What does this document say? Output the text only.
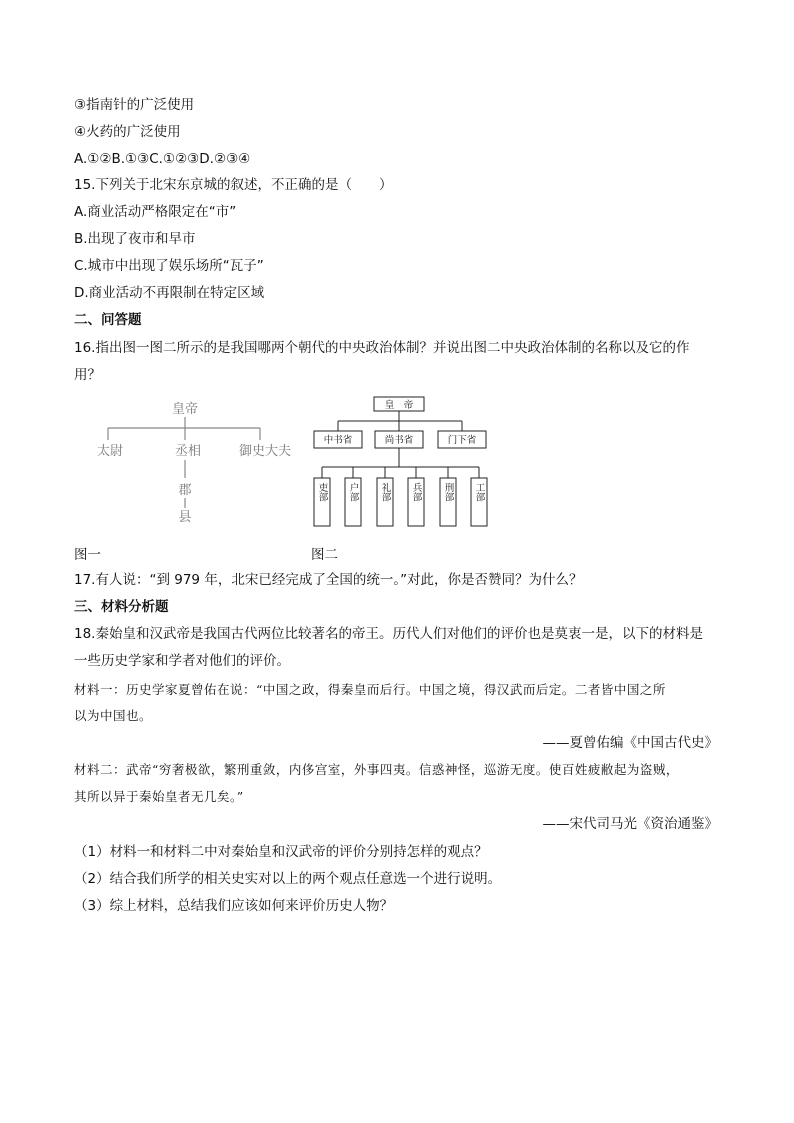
③指南针的广泛使用
④火药的广泛使用
A.①②B.①③C.①②③D.②③④
15.下列关于北宋东京城的叙述，不正确的是（　　）
A.商业活动严格限定在“市”
B.出现了夜市和早市
C.城市中出现了娱乐场所“瓦子”
D.商业活动不再限制在特定区域
二、问答题
16.指出图一图二所示的是我国哪两个朝代的中央政治体制？并说出图二中央政治体制的名称以及它的作
用？
皇帝
太尉	丞相	御史大夫
郡
县
皇　帝
中书省	尚书省	门下省
吏部 户部 礼部 兵部 刑部 工部
图一	图二
17.有人说：“到 979 年，北宋已经完成了全国的统一。”对此，你是否赞同？为什么？
三、材料分析题
18.秦始皇和汉武帝是我国古代两位比较著名的帝王。历代人们对他们的评价也是莫衷一是，以下的材料是
一些历史学家和学者对他们的评价。
材料一：历史学家夏曾佑在说：“中国之政，得秦皇而后行。中国之境，得汉武而后定。二者皆中国之所
以为中国也。
——夏曾佑编《中国古代史》
材料二：武帝“穷奢极欲，繁刑重敛，内侈宫室，外事四夷。信惑神怪，巡游无度。使百姓疲敝起为盗贼，
其所以异于秦始皇者无几矣。”
——宋代司马光《资治通鉴》
（1）材料一和材料二中对秦始皇和汉武帝的评价分别持怎样的观点？
（2）结合我们所学的相关史实对以上的两个观点任意选一个进行说明。
（3）综上材料，总结我们应该如何来评价历史人物？
